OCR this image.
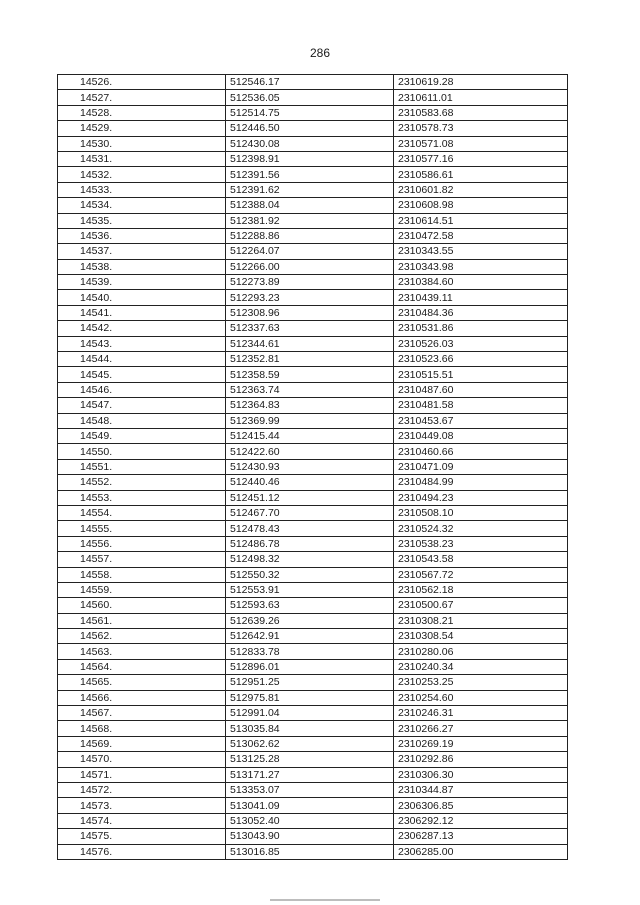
286
14526.	512546.17	2310619.28
14527.	512536.05	2310611.01
14528.	512514.75	2310583.68
14529.	512446.50	2310578.73
14530.	512430.08	2310571.08
14531.	512398.91	2310577.16
14532.	512391.56	2310586.61
14533.	512391.62	2310601.82
14534.	512388.04	2310608.98
14535.	512381.92	2310614.51
14536.	512288.86	2310472.58
14537.	512264.07	2310343.55
14538.	512266.00	2310343.98
14539.	512273.89	2310384.60
14540.	512293.23	2310439.11
14541.	512308.96	2310484.36
14542.	512337.63	2310531.86
14543.	512344.61	2310526.03
14544.	512352.81	2310523.66
14545.	512358.59	2310515.51
14546.	512363.74	2310487.60
14547.	512364.83	2310481.58
14548.	512369.99	2310453.67
14549.	512415.44	2310449.08
14550.	512422.60	2310460.66
14551.	512430.93	2310471.09
14552.	512440.46	2310484.99
14553.	512451.12	2310494.23
14554.	512467.70	2310508.10
14555.	512478.43	2310524.32
14556.	512486.78	2310538.23
14557.	512498.32	2310543.58
14558.	512550.32	2310567.72
14559.	512553.91	2310562.18
14560.	512593.63	2310500.67
14561.	512639.26	2310308.21
14562.	512642.91	2310308.54
14563.	512833.78	2310280.06
14564.	512896.01	2310240.34
14565.	512951.25	2310253.25
14566.	512975.81	2310254.60
14567.	512991.04	2310246.31
14568.	513035.84	2310266.27
14569.	513062.62	2310269.19
14570.	513125.28	2310292.86
14571.	513171.27	2310306.30
14572.	513353.07	2310344.87
14573.	513041.09	2306306.85
14574.	513052.40	2306292.12
14575.	513043.90	2306287.13
14576.	513016.85	2306285.00
